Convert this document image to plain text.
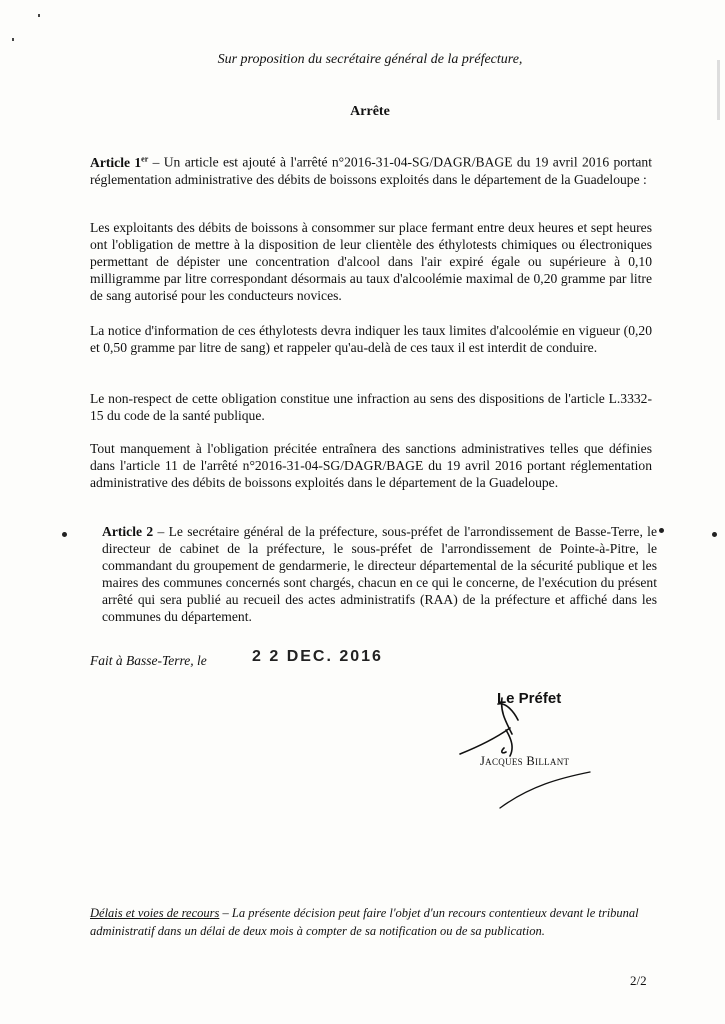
Sur proposition du secrétaire général de la préfecture,
Arrête
Article 1er – Un article est ajouté à l'arrêté n°2016-31-04-SG/DAGR/BAGE du 19 avril 2016 portant réglementation administrative des débits de boissons exploités dans le département de la Guadeloupe :
Les exploitants des débits de boissons à consommer sur place fermant entre deux heures et sept heures ont l'obligation de mettre à la disposition de leur clientèle des éthylotests chimiques ou électroniques permettant de dépister une concentration d'alcool dans l'air expiré égale ou supérieure à 0,10 milligramme par litre correspondant désormais au taux d'alcoolémie maximal de 0,20 gramme par litre de sang autorisé pour les conducteurs novices.
La notice d'information de ces éthylotests devra indiquer les taux limites d'alcoolémie en vigueur (0,20 et 0,50 gramme par litre de sang) et rappeler qu'au-delà de ces taux il est interdit de conduire.
Le non-respect de cette obligation constitue une infraction au sens des dispositions de l'article L.3332-15 du code de la santé publique.
Tout manquement à l'obligation précitée entraînera des sanctions administratives telles que définies dans l'article 11 de l'arrêté n°2016-31-04-SG/DAGR/BAGE du 19 avril 2016 portant réglementation administrative des débits de boissons exploités dans le département de la Guadeloupe.
Article 2 – Le secrétaire général de la préfecture, sous-préfet de l'arrondissement de Basse-Terre, le directeur de cabinet de la préfecture, le sous-préfet de l'arrondissement de Pointe-à-Pitre, le commandant du groupement de gendarmerie, le directeur départemental de la sécurité publique et les maires des communes concernés sont chargés, chacun en ce qui le concerne, de l'exécution du présent arrêté qui sera publié au recueil des actes administratifs (RAA) de la préfecture et affiché dans les communes du département.
Fait à Basse-Terre, le	2 2 DEC. 2016
Le Préfet
Jacques Billant
Délais et voies de recours – La présente décision peut faire l'objet d'un recours contentieux devant le tribunal administratif dans un délai de deux mois à compter de sa notification ou de sa publication.
2/2
